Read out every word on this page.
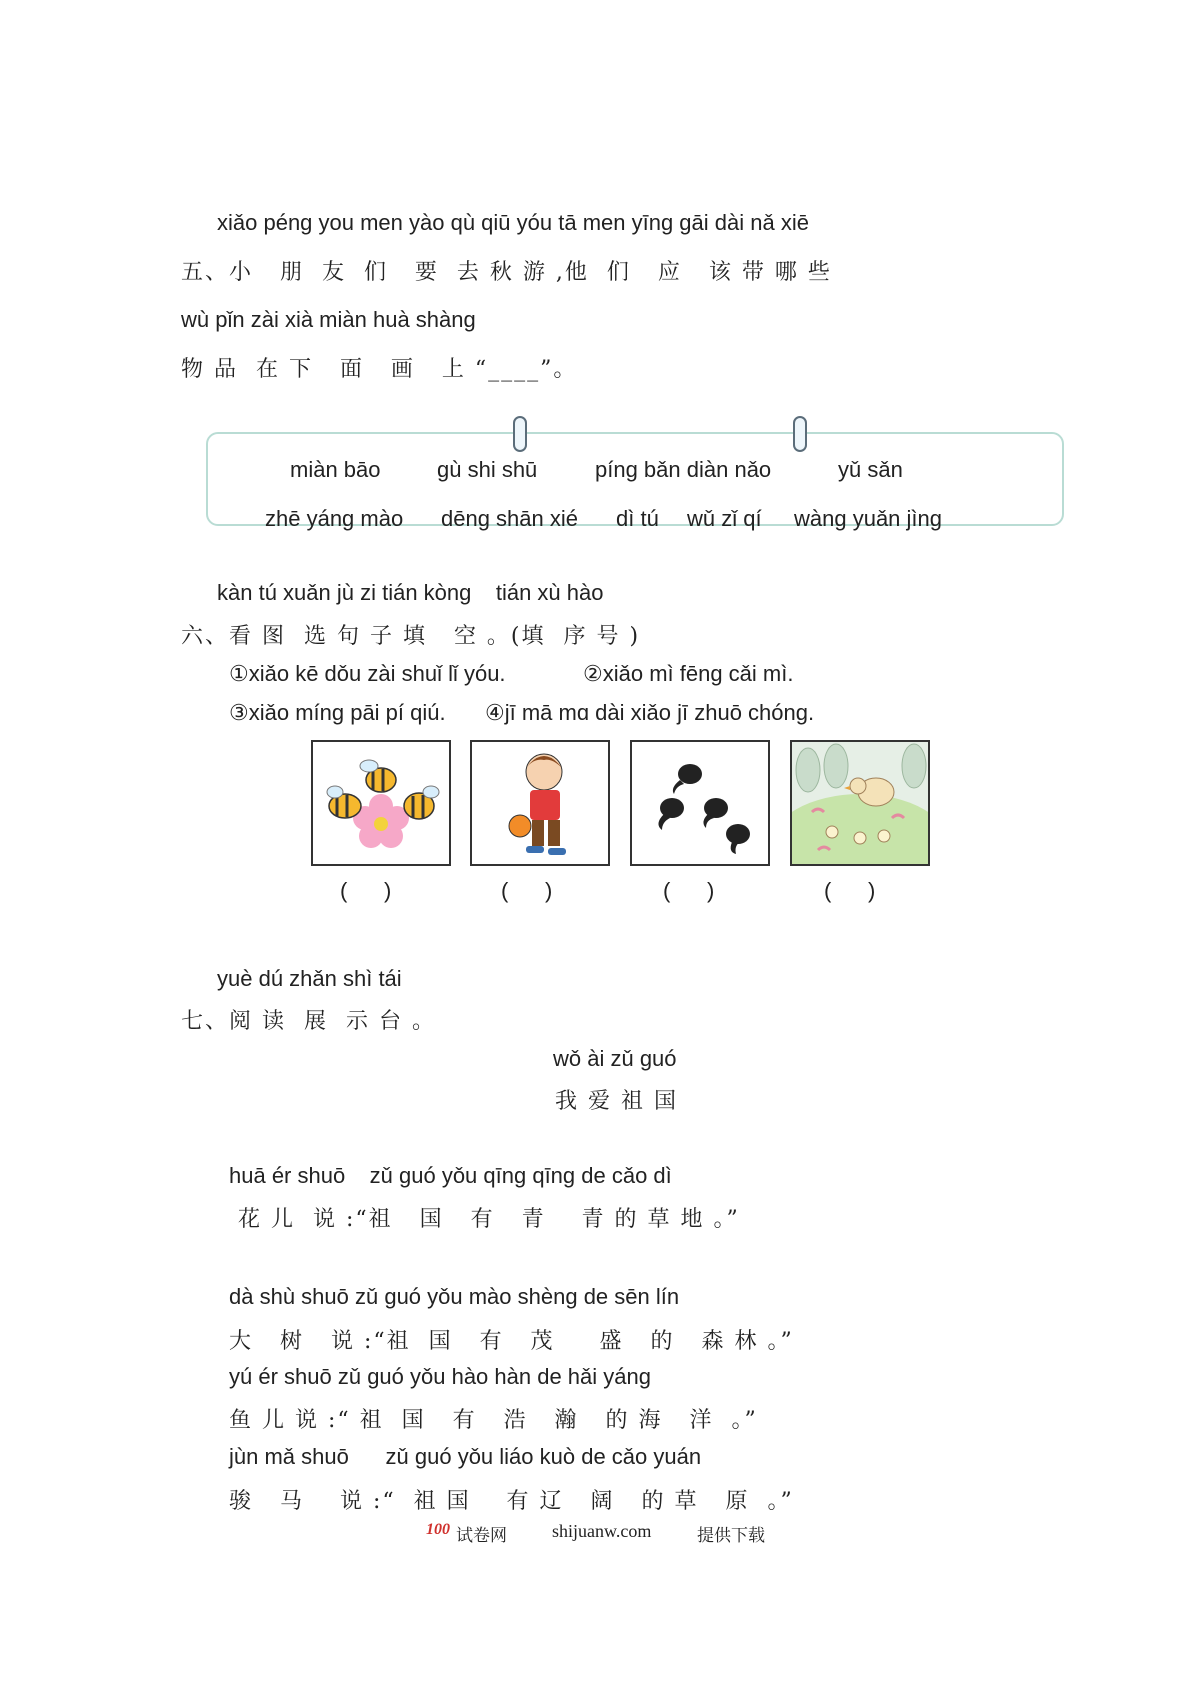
xiǎo péng you men yào qù qiū yóu tā men yīng gāi dài nǎ xiē
五、小   朋  友  们   要  去 秋 游 ,他  们   应   该 带 哪 些
wù pǐn zài xià miàn huà shàng
物 品  在 下   面   画   上 “____”。
miàn bāo	gù shi shū	píng bǎn diàn nǎo	yǔ sǎn
zhē yáng mào dēng shān xié dì tú wǔ zǐ qí wàng yuǎn jìng
kàn tú xuǎn jù zi tián kòng    tián xù hào
六、看 图  选 句 子 填   空 。(填  序 号 )
①xiǎo kē dǒu zài shuǐ lǐ yóu.	②xiǎo mì fēng cǎi mì.
③xiǎo míng pāi pí qiú. ④jī mā mɑ dài xiǎo jī zhuō chóng.
(      )	(      )	(      )	(      )
yuè dú zhǎn shì tái
七、阅 读  展  示 台 。
wǒ ài zǔ guó
我 爱 祖 国
huā ér shuō    zǔ guó yǒu qīng qīng de cǎo dì
花 儿  说 :“祖   国   有   青    青 的 草 地 。”
dà shù shuō zǔ guó yǒu mào shèng de sēn lín
大   树   说 :“祖  国   有   茂     盛   的   森 林 。”
yú ér shuō zǔ guó yǒu hào hàn de hǎi yáng
鱼 儿 说 :“ 祖  国   有   浩   瀚   的 海   洋  。”
jùn mǎ shuō      zǔ guó yǒu liáo kuò de cǎo yuán
骏   马    说 :“  祖 国    有 辽   阔   的 草   原  。”
100 试卷网	shijuanw.com	提供下载
